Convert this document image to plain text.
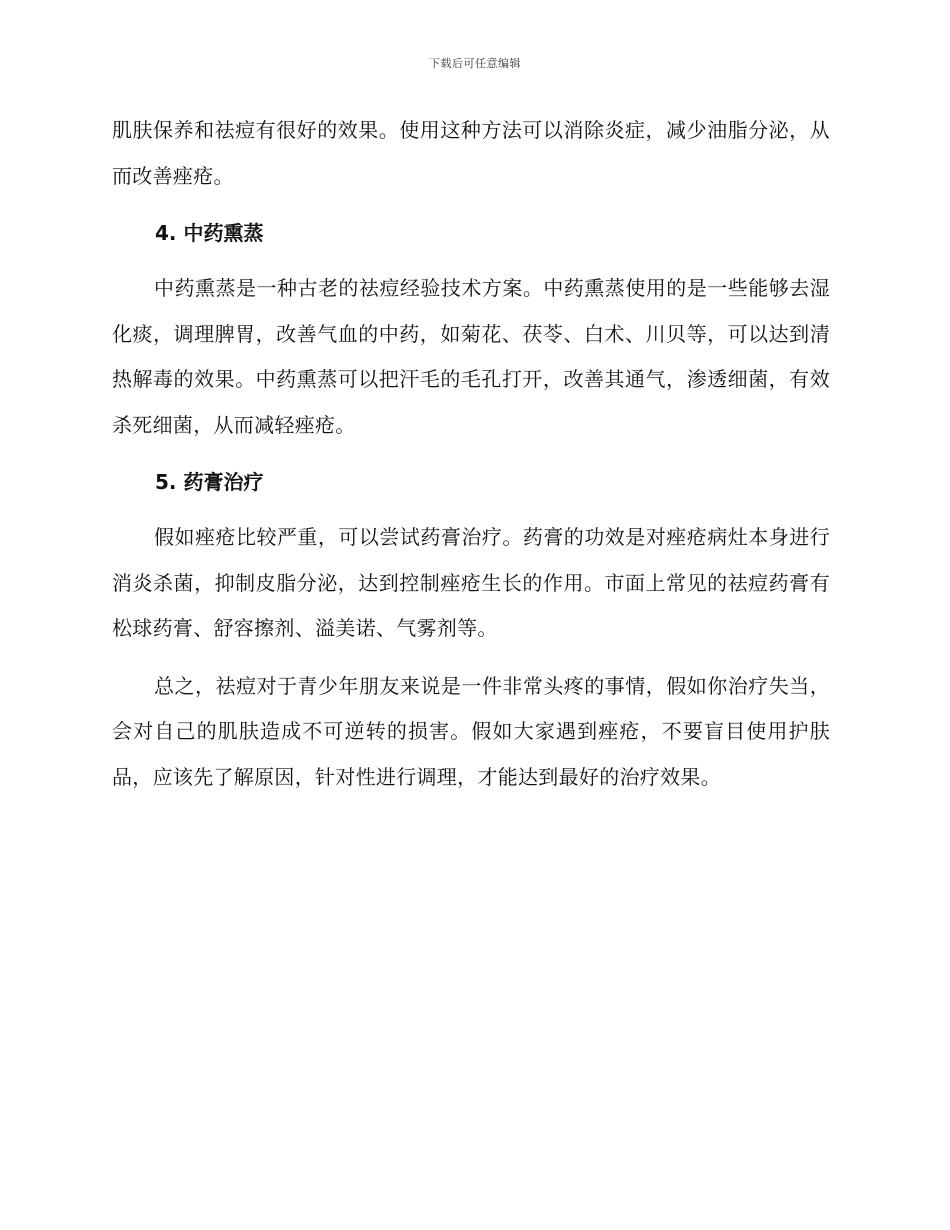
下载后可任意编辑

肌肤保养和祛痘有很好的效果。使用这种方法可以消除炎症，减少油脂分泌，从而改善痤疮。

4. 中药熏蒸

中药熏蒸是一种古老的祛痘经验技术方案。中药熏蒸使用的是一些能够去湿化痰，调理脾胃，改善气血的中药，如菊花、茯苓、白术、川贝等，可以达到清热解毒的效果。中药熏蒸可以把汗毛的毛孔打开，改善其通气，渗透细菌，有效杀死细菌，从而减轻痤疮。

5. 药膏治疗

假如痤疮比较严重，可以尝试药膏治疗。药膏的功效是对痤疮病灶本身进行消炎杀菌，抑制皮脂分泌，达到控制痤疮生长的作用。市面上常见的祛痘药膏有松球药膏、舒容擦剂、溢美诺、气雾剂等。

总之，祛痘对于青少年朋友来说是一件非常头疼的事情，假如你治疗失当，会对自己的肌肤造成不可逆转的损害。假如大家遇到痤疮，不要盲目使用护肤品，应该先了解原因，针对性进行调理，才能达到最好的治疗效果。
